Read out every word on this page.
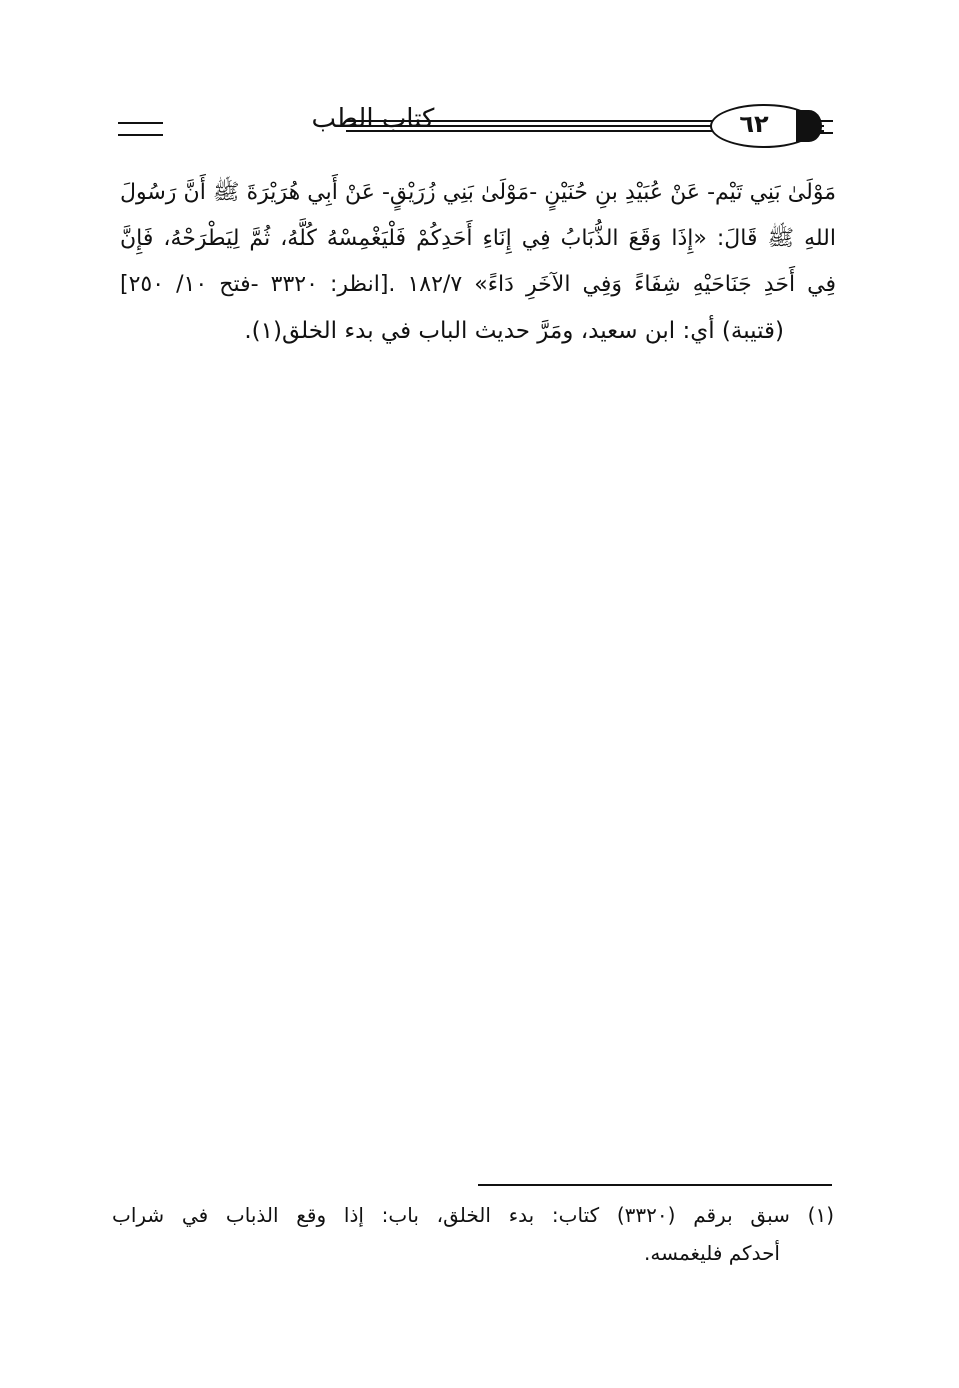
كتاب الطب	٦٢
مَوْلَىٰ بَنِي تَيْم- عَنْ عُبَيْدِ بنِ حُنَيْنٍ -مَوْلَىٰ بَنِي زُرَيْقٍ- عَنْ أَبِي هُرَيْرَةَ ﷺ أَنَّ رَسُولَ
اللهِ ﷺ قَالَ: «إِذَا وَقَعَ الذُّبَابُ فِي إِنَاءِ أَحَدِكُمْ فَلْيَغْمِسْهُ كُلَّهُ، ثُمَّ لِيَطْرَحْهُ، فَإِنَّ
فِي أَحَدِ جَنَاحَيْهِ شِفَاءً وَفِي الآخَرِ دَاءً» ١٨٢/٧ .[انظر: ٣٣٢٠ -فتح ١٠/ ٢٥٠]
(قتيبة) أي: ابن سعيد، ومَرَّ حديث الباب في بدء الخلق(١).
(١) سبق برقم (٣٣٢٠) كتاب: بدء الخلق، باب: إذا وقع الذباب في شراب
أحدكم فليغمسه.
